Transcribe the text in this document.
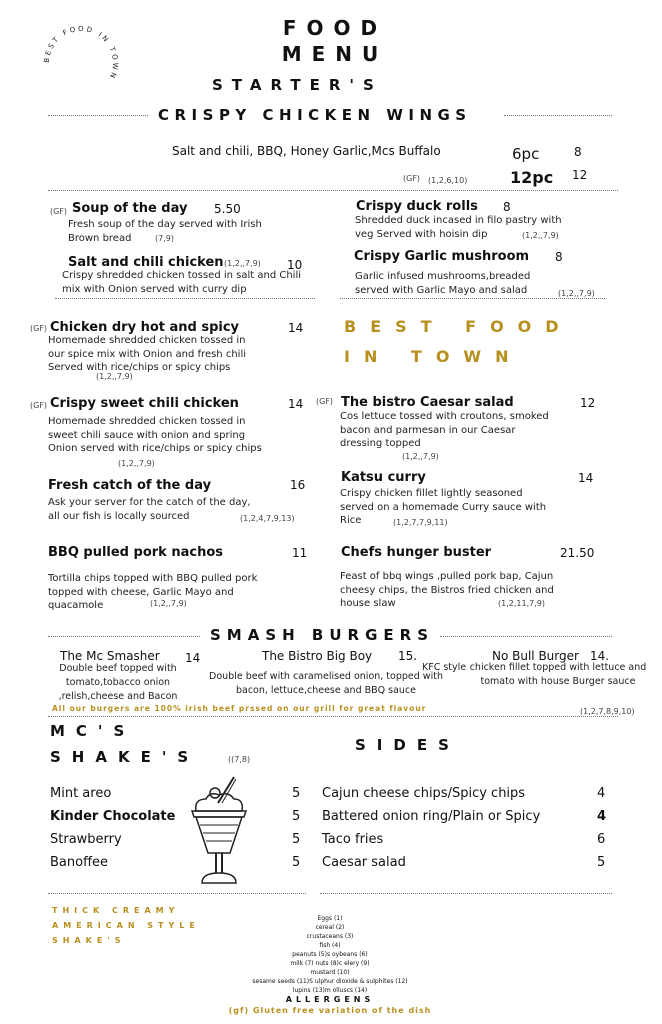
BEST FOOD IN TOWN
FOOD
MENU
STARTER'S
CRISPY CHICKEN WINGS
Salt and chili, BBQ, Honey Garlic,Mcs Buffalo	6pc	8
(GF) (1,2,6,10)	12pc 12
(GF) Soup of the day 5.50
Fresh soup of the day served with Irish Brown bread	(7,9)
Salt and chili chicken (1,2,,7,9) 10
Crispy shredded chicken tossed in salt and Chili mix with Onion served with curry dip
Crispy duck rolls 8
Shredded duck incased in filo pastry with veg Served with hoisin dip	(1,2,,7,9)
Crispy Garlic mushroom 8
Garlic infused mushrooms,breaded served with Garlic Mayo and salad	(1,2,,7,9)
(GF) Chicken dry hot and spicy	14
Homemade shredded chicken tossed in our spice mix with Onion and fresh chili Served with rice/chips or spicy chips
(1,2,,7,9)
(GF) Crispy sweet chili chicken	14
Homemade shredded chicken tossed in sweet chili sauce with onion and spring Onion served with rice/chips or spicy chips
(1,2,,7,9)
Fresh catch of the day	16
Ask your server for the catch of the day, all our fish is locally sourced	(1,2,4,7,9,13)
BBQ pulled pork nachos	11
Tortilla chips topped with BBQ pulled pork topped with cheese, Garlic Mayo and quacamole	(1,2,,7,9)
BEST FOOD
IN TOWN
(GF) The bistro Caesar salad	12
Cos lettuce tossed with croutons, smoked bacon and parmesan in our Caesar dressing topped
(1,2,,7,9)
Katsu curry	14
Crispy chicken fillet lightly seasoned served on a homemade Curry sauce with Rice	(1,2,7,7,9,11)
Chefs hunger buster	21.50
Feast of bbq wings ,pulled pork bap, Cajun cheesy chips, the Bistros fried chicken and house slaw	(1,2,11,7,9)
SMASH BURGERS
The Mc Smasher 14
Double beef topped with tomato,tobacco onion ,relish,cheese and Bacon
The Bistro Big Boy 15.
Double beef with caramelised onion, topped with bacon, lettuce,cheese and BBQ sauce
No Bull Burger 14.
KFC style chicken fillet topped with lettuce and tomato with house Burger sauce
All our burgers are 100% irish beef prssed on our grill for great flavour	(1,2,7,8,9,10)
MC'S
SHAKE'S	((7,8)
Mint areo	5
Kinder Chocolate	5
Strawberry	5
Banoffee	5
SIDES
Cajun cheese chips/Spicy chips	4
Battered onion ring/Plain or Spicy	4
Taco fries	6
Caesar salad	5
THICK CREAMY
AMERICAN STYLE
SHAKE'S
Eggs (1)
cereal (2)
crustaceans (3)
fish (4)
peanuts (5)s oybeans (6)
milk (7) nuts (8)c elery (9)
mustard (10)
sesame seeds (11)S ulphur dioxide & sulphites (12)
lupins (13)m olluscs (14)
ALLERGENS
(gf) Gluten free variation of the dish
